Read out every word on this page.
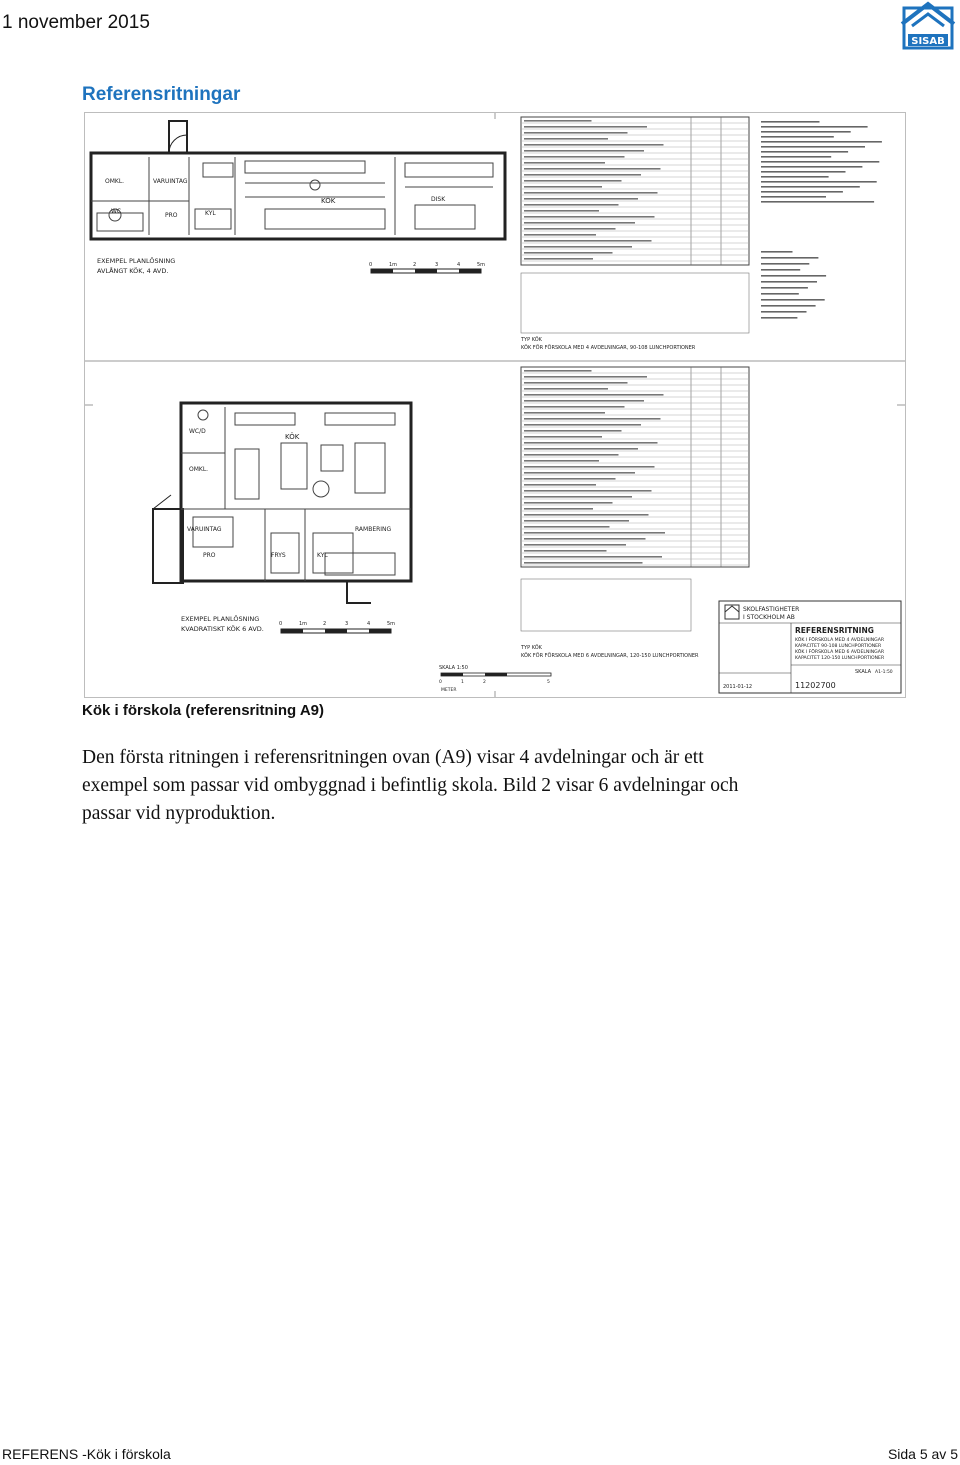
1 november 2015
SISAB
Referensritningar
OMKL.	VARUINTAG
WC
PRO	KYL
KÖK	DISK
EXEMPEL PLANLÖSNING
AVLÅNGT KÖK, 4 AVD.
0	1m	2	3	4	5m
TYP KÖK
KÖK FÖR FÖRSKOLA MED 4 AVDELNINGAR, 90-108 LUNCHPORTIONER
WC/D
OMKL.
KÖK
VARUINTAG
PRO	FRYS	KYL
RAMBERING
EXEMPEL PLANLÖSNING
KVADRATISKT KÖK 6 AVD.
0	1m	2	3	4	5m
TYP KÖK
KÖK FÖR FÖRSKOLA MED 6 AVDELNINGAR, 120-150 LUNCHPORTIONER
SKOLFASTIGHETER
I STOCKHOLM AB
REFERENSRITNING
KÖK I FÖRSKOLA MED 4 AVDELNINGAR
KAPACITET 90-108 LUNCHPORTIONER
KÖK I FÖRSKOLA MED 6 AVDELNINGAR
KAPACITET 120-150 LUNCHPORTIONER
SKALA A1-1:50
11202700
2011-01-12
SKALA 1:50
0	1	2	5
METER
Kök i förskola (referensritning A9)
Den första ritningen i referensritningen ovan (A9) visar 4 avdelningar och är ett
exempel som passar vid ombyggnad i befintlig skola. Bild 2 visar 6 avdelningar och
passar vid nyproduktion.
REFERENS -Kök i förskola	Sida 5 av 5
